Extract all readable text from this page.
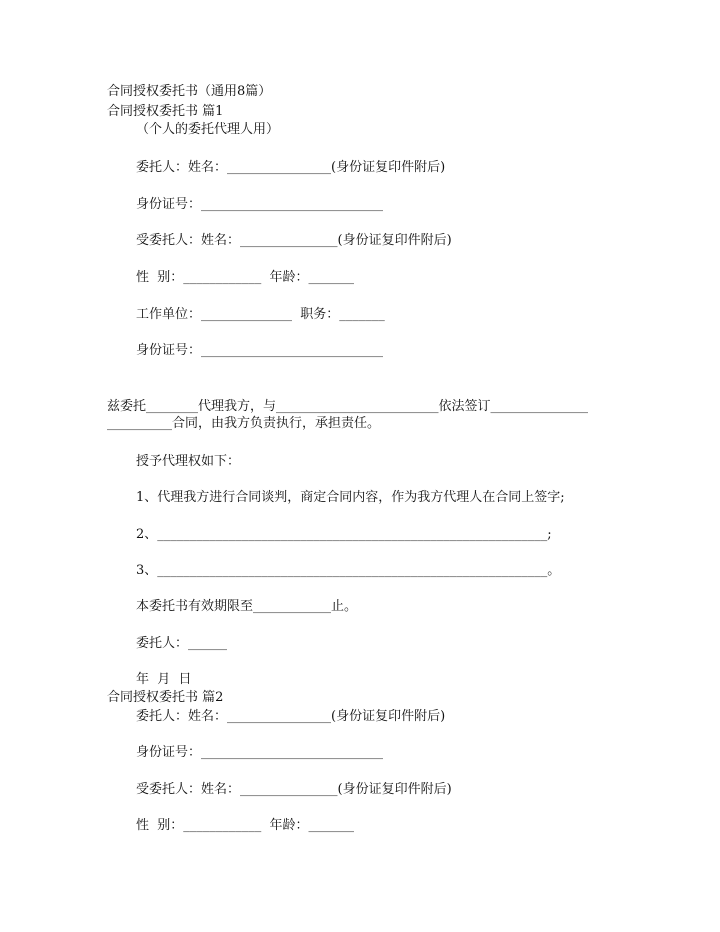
合同授权委托书（通用8篇）
合同授权委托书 篇1
（个人的委托代理人用）
委托人：姓名：________________(身份证复印件附后)
身份证号：____________________________
受委托人：姓名：_______________(身份证复印件附后)
性  别：____________  年龄：_______
工作单位：______________  职务：_______
身份证号：____________________________
兹委托________代理我方，与_________________________依法签订_______________
__________合同，由我方负责执行，承担责任。
授予代理权如下：
1、代理我方进行合同谈判，商定合同内容，作为我方代理人在合同上签字;
2、____________________________________________________________;
3、____________________________________________________________。
本委托书有效期限至____________止。
委托人：______
年  月  日
合同授权委托书 篇2
委托人：姓名：________________(身份证复印件附后)
身份证号：____________________________
受委托人：姓名：_______________(身份证复印件附后)
性  别：____________  年龄：_______
